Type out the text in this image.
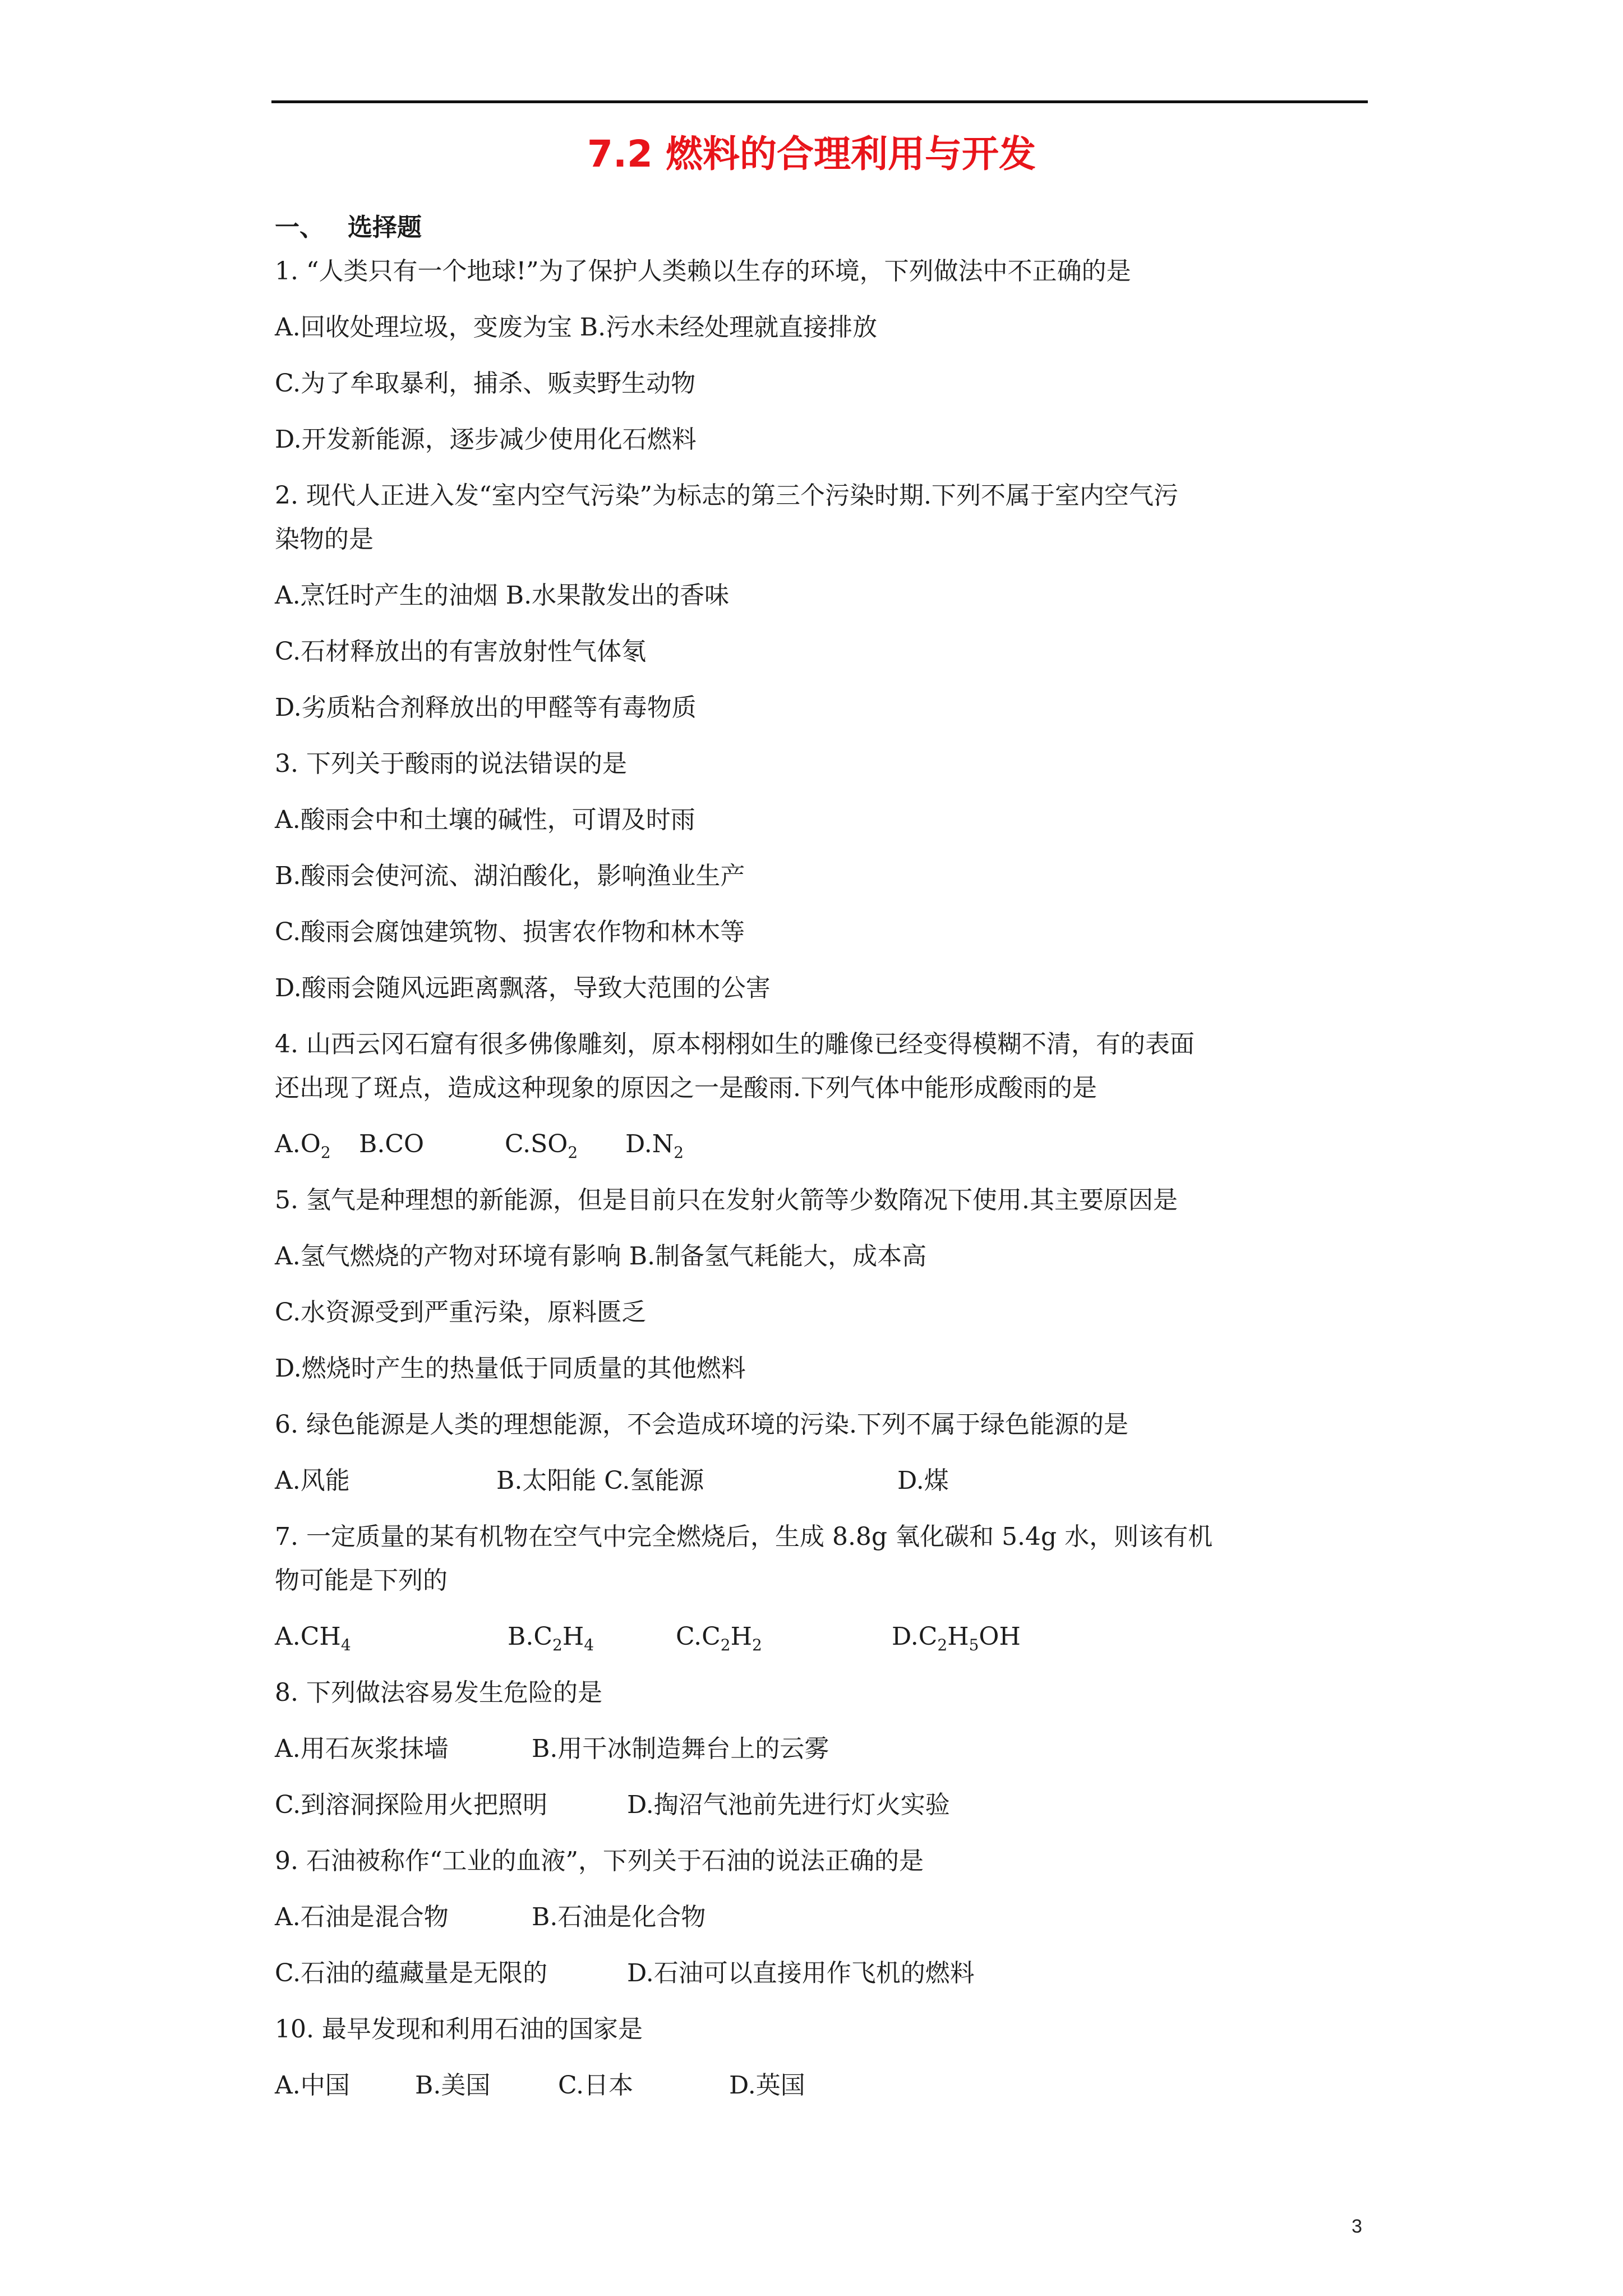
7.2 燃料的合理利用与开发
一、 选择题
1. “人类只有一个地球!”为了保护人类赖以生存的环境，下列做法中不正确的是
A.回收处理垃圾，变废为宝 B.污水未经处理就直接排放
C.为了牟取暴利，捕杀、贩卖野生动物
D.开发新能源，逐步减少使用化石燃料
2. 现代人正进入发“室内空气污染”为标志的第三个污染时期.下列不属于室内空气污
染物的是
A.烹饪时产生的油烟 B.水果散发出的香味
C.石材释放出的有害放射性气体氡
D.劣质粘合剂释放出的甲醛等有毒物质
3. 下列关于酸雨的说法错误的是
A.酸雨会中和土壤的碱性，可谓及时雨
B.酸雨会使河流、湖泊酸化，影响渔业生产
C.酸雨会腐蚀建筑物、损害农作物和林木等
D.酸雨会随风远距离飘落，导致大范围的公害
4. 山西云冈石窟有很多佛像雕刻，原本栩栩如生的雕像已经变得模糊不清，有的表面
还出现了斑点，造成这种现象的原因之一是酸雨.下列气体中能形成酸雨的是
$A.O_2$ B.CO	$C.SO_2$ $D.N_2$
5. 氢气是种理想的新能源，但是目前只在发射火箭等少数隋况下使用.其主要原因是
A.氢气燃烧的产物对环境有影响 B.制备氢气耗能大，成本高
C.水资源受到严重污染，原料匮乏
D.燃烧时产生的热量低于同质量的其他燃料
6. 绿色能源是人类的理想能源，不会造成环境的污染.下列不属于绿色能源的是
A.风能	B.太阳能 C.氢能源	D.煤
7. 一定质量的某有机物在空气中完全燃烧后，生成 8.8g 氧化碳和 5.4g 水，则该有机
物可能是下列的
$A.CH_4$	$B.C_2H_4$	$C.C_2H_2$	$D.C_2H_5OH$
8. 下列做法容易发生危险的是
A.用石灰浆抹墙	B.用干冰制造舞台上的云雾
C.到溶洞探险用火把照明	D.掏沼气池前先进行灯火实验
9. 石油被称作“工业的血液”，下列关于石油的说法正确的是
A.石油是混合物	B.石油是化合物
C.石油的蕴藏量是无限的	D.石油可以直接用作飞机的燃料
10. 最早发现和利用石油的国家是
A.中国	B.美国	C.日本	D.英国
3
